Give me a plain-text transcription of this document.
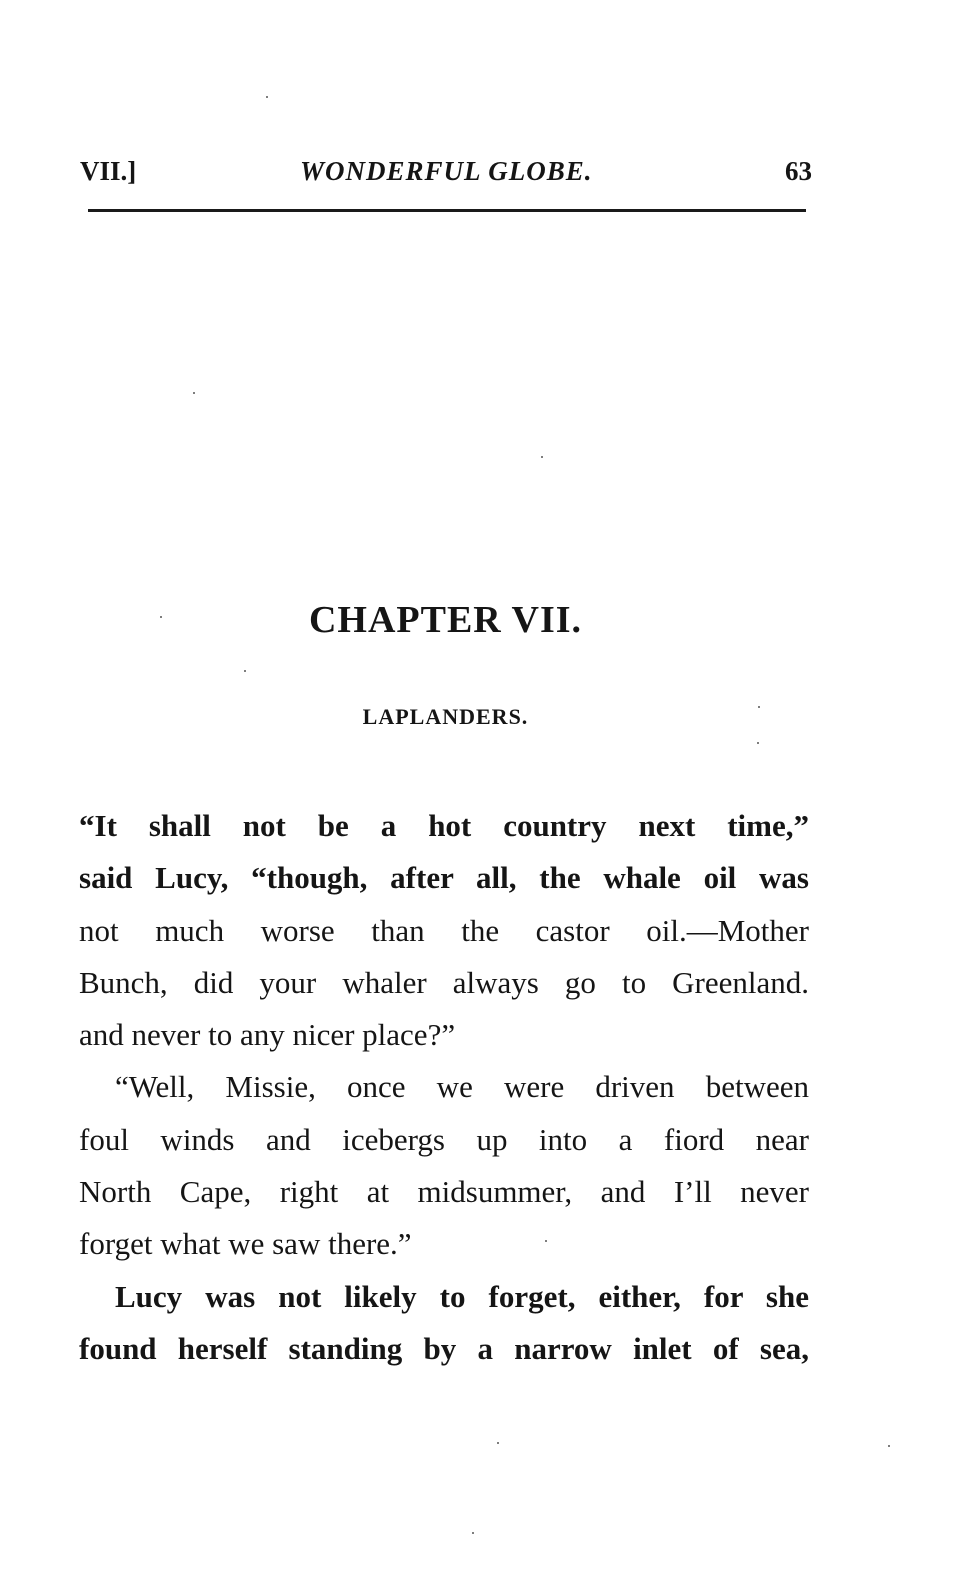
VII.]	WONDERFUL GLOBE.	63
CHAPTER VII.
LAPLANDERS.
“It shall not be a hot country next time,”
said Lucy, “though, after all, the whale oil was
not much worse than the castor oil.—Mother
Bunch, did your whaler always go to Greenland.
and never to any nicer place?”
“Well, Missie, once we were driven between
foul winds and icebergs up into a fiord near
North Cape, right at midsummer, and I’ll never
forget what we saw there.”
Lucy was not likely to forget, either, for she
found herself standing by a narrow inlet of sea,
